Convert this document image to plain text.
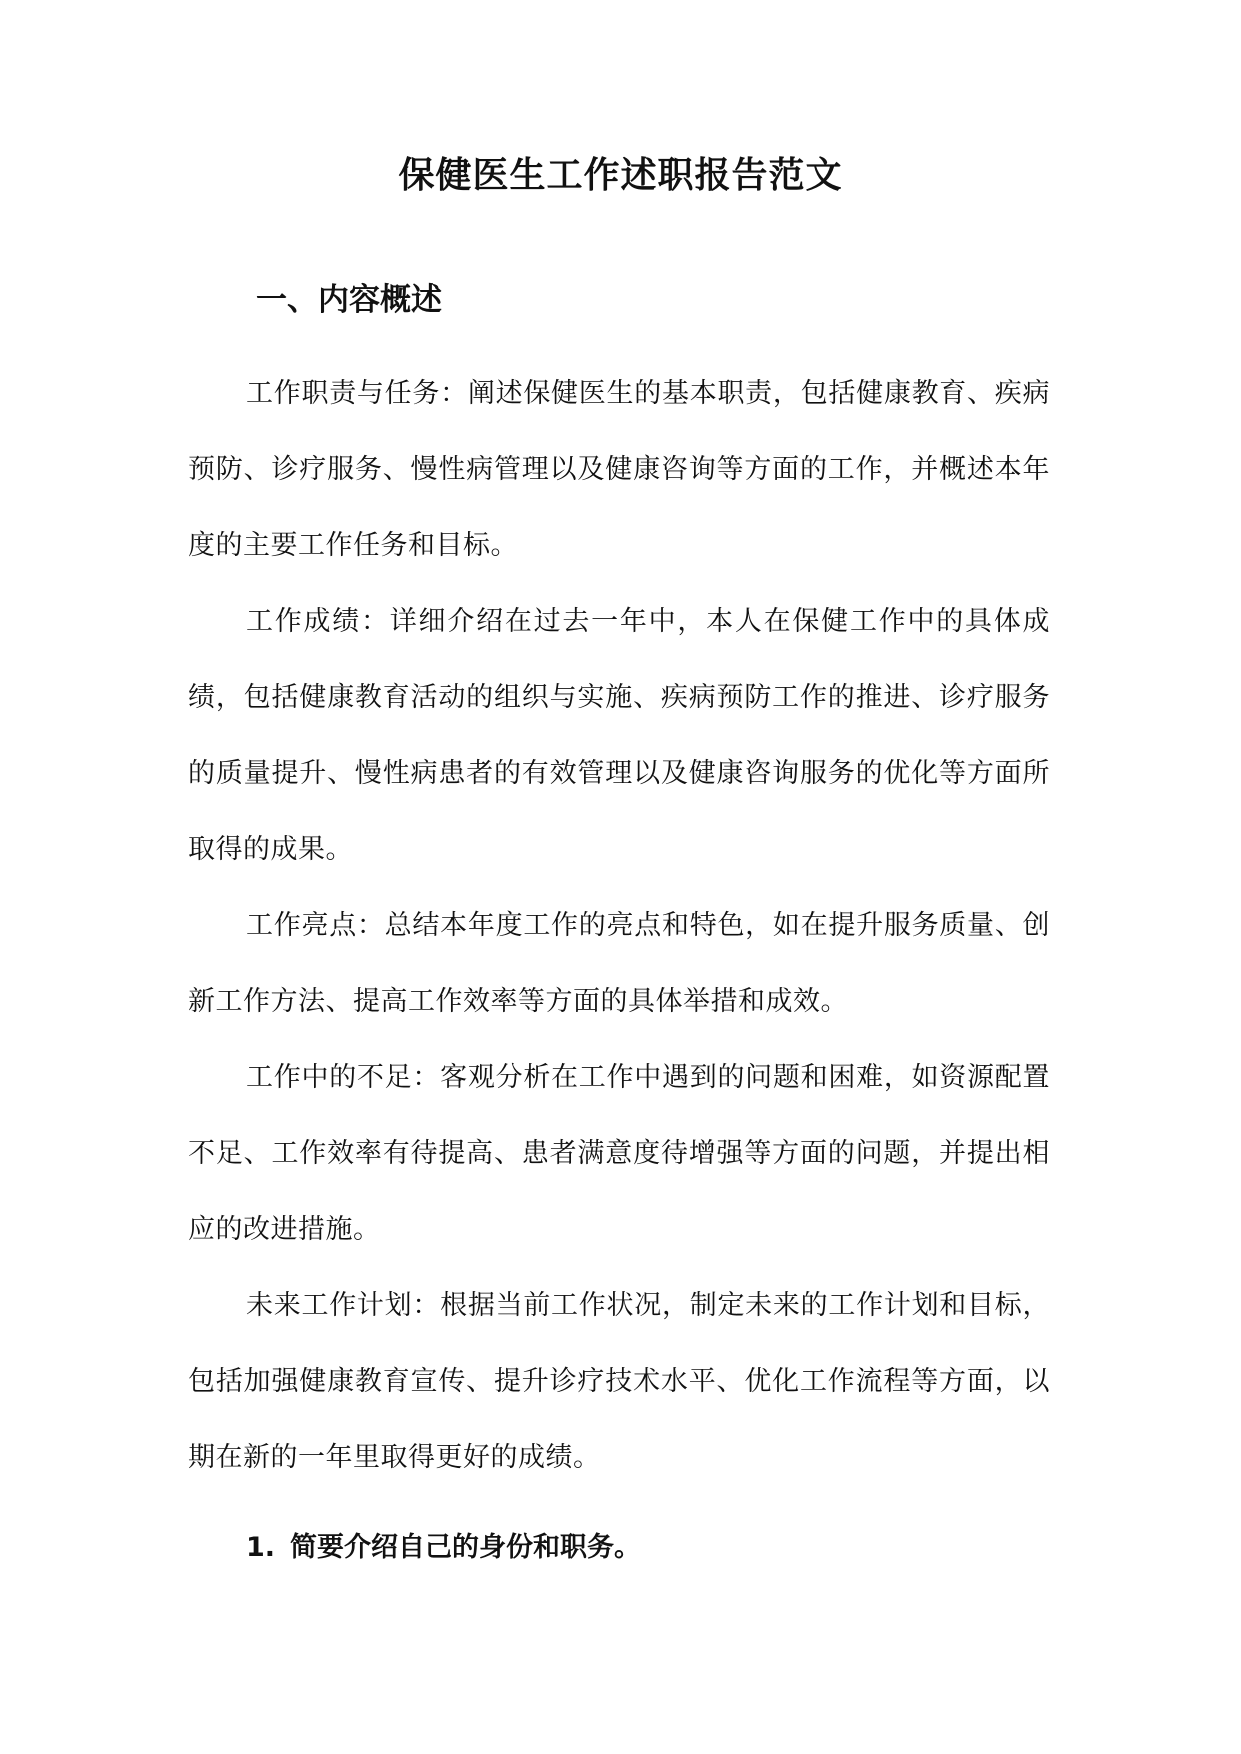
保健医生工作述职报告范文
一、内容概述

工作职责与任务：阐述保健医生的基本职责，包括健康教育、疾病预防、诊疗服务、慢性病管理以及健康咨询等方面的工作，并概述本年度的主要工作任务和目标。

工作成绩：详细介绍在过去一年中，本人在保健工作中的具体成绩，包括健康教育活动的组织与实施、疾病预防工作的推进、诊疗服务的质量提升、慢性病患者的有效管理以及健康咨询服务的优化等方面所取得的成果。

工作亮点：总结本年度工作的亮点和特色，如在提升服务质量、创新工作方法、提高工作效率等方面的具体举措和成效。

工作中的不足：客观分析在工作中遇到的问题和困难，如资源配置不足、工作效率有待提高、患者满意度待增强等方面的问题，并提出相应的改进措施。

未来工作计划：根据当前工作状况，制定未来的工作计划和目标，包括加强健康教育宣传、提升诊疗技术水平、优化工作流程等方面，以期在新的一年里取得更好的成绩。

1. 简要介绍自己的身份和职务。
